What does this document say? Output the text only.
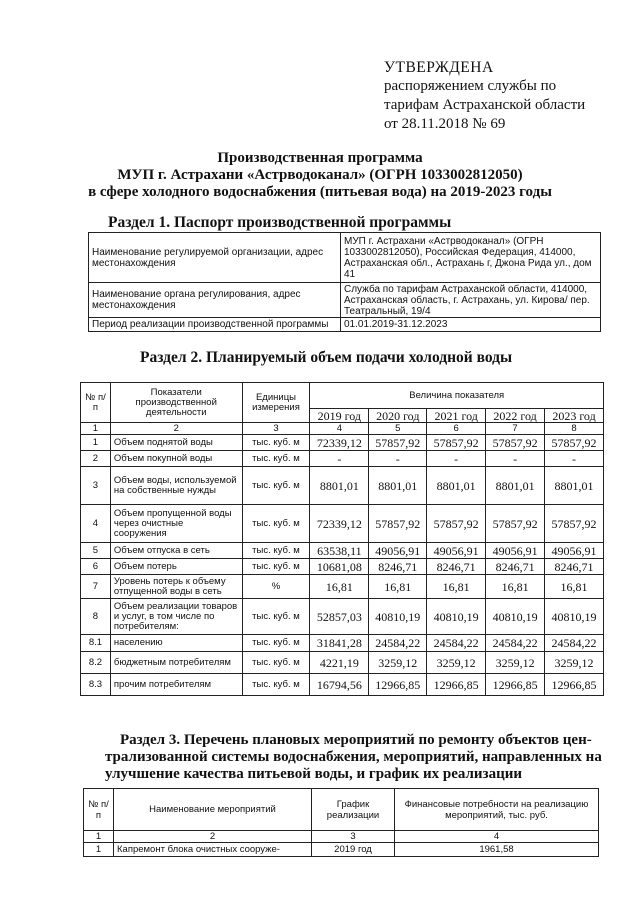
УТВЕРЖДЕНА
распоряжением службы по
тарифам Астраханской области
от 28.11.2018 № 69
Производственная программа
МУП г. Астрахани «Астрводоканал» (ОГРН 1033002812050)
в сфере холодного водоснабжения (питьевая вода) на 2019-2023 годы
Раздел 1. Паспорт производственной программы
Наименование регулируемой организации, адрес местонахождения	МУП г. Астрахани «Астрводоканал» (ОГРН 1033002812050), Российская Федерация, 414000, Астраханская обл., Астрахань г, Джона Рида ул., дом 41
Наименование органа регулирования, адрес местонахождения	Служба по тарифам Астраханской области, 414000, Астраханская область, г. Астрахань, ул. Кирова/ пер. Театральный, 19/4
Период реализации производственной программы	01.01.2019-31.12.2023
Раздел 2. Планируемый объем подачи холодной воды
№ п/п	Показатели производственной деятельности	Единицы измерения	Величина показателя				
			2019 год	2020 год	2021 год	2022 год	2023 год
1	2	3	4	5	6	7	8
1	Объем поднятой воды	тыс. куб. м	72339,12	57857,92	57857,92	57857,92	57857,92
2	Объем покупной воды	тыс. куб. м	-	-	-	-	-
3	Объем воды, используемой на собственные нужды	тыс. куб. м	8801,01	8801,01	8801,01	8801,01	8801,01
4	Объем пропущенной воды через очистные сооружения	тыс. куб. м	72339,12	57857,92	57857,92	57857,92	57857,92
5	Объем отпуска в сеть	тыс. куб. м	63538,11	49056,91	49056,91	49056,91	49056,91
6	Объем потерь	тыс. куб. м	10681,08	8246,71	8246,71	8246,71	8246,71
7	Уровень потерь к объему отпущенной воды в сеть	%	16,81	16,81	16,81	16,81	16,81
8	Объем реализации товаров и услуг, в том числе по потребителям:	тыс. куб. м	52857,03	40810,19	40810,19	40810,19	40810,19
8.1	населению	тыс. куб. м	31841,28	24584,22	24584,22	24584,22	24584,22
8.2	бюджетным потребителям	тыс. куб. м	4221,19	3259,12	3259,12	3259,12	3259,12
8.3	прочим потребителям	тыс. куб. м	16794,56	12966,85	12966,85	12966,85	12966,85
Раздел 3. Перечень плановых мероприятий по ремонту объектов цен-
трализованной системы водоснабжения, мероприятий, направленных на
улучшение качества питьевой воды, и график их реализации
№ п/п	Наименование мероприятий	График реализации	Финансовые потребности на реализацию мероприятий, тыс. руб.
1	2	3	4
1	Капремонт блока очистных сооруже-	2019 год	1961,58
